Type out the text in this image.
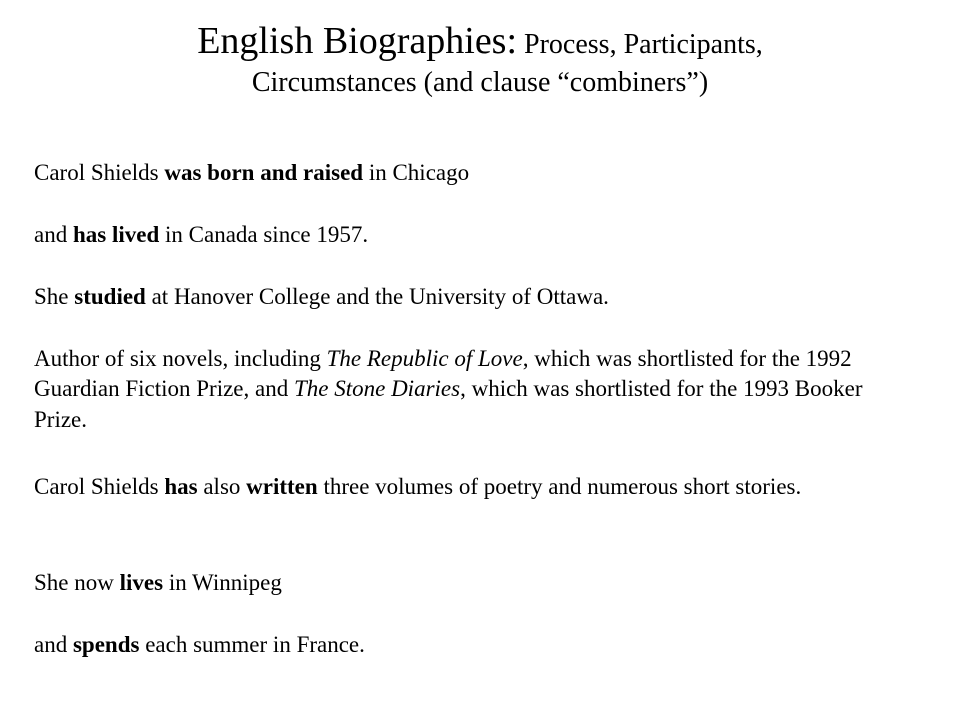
English Biographies: Process, Participants,
Circumstances (and clause “combiners”)

Carol Shields was born and raised in Chicago

and has lived in Canada since 1957.

She studied at Hanover College and the University of Ottawa.

Author of six novels, including The Republic of Love, which was shortlisted for the 1992 Guardian Fiction Prize, and The Stone Diaries, which was shortlisted for the 1993 Booker Prize.

Carol Shields has also written three volumes of poetry and numerous short stories.

She now lives in Winnipeg

and spends each summer in France.
